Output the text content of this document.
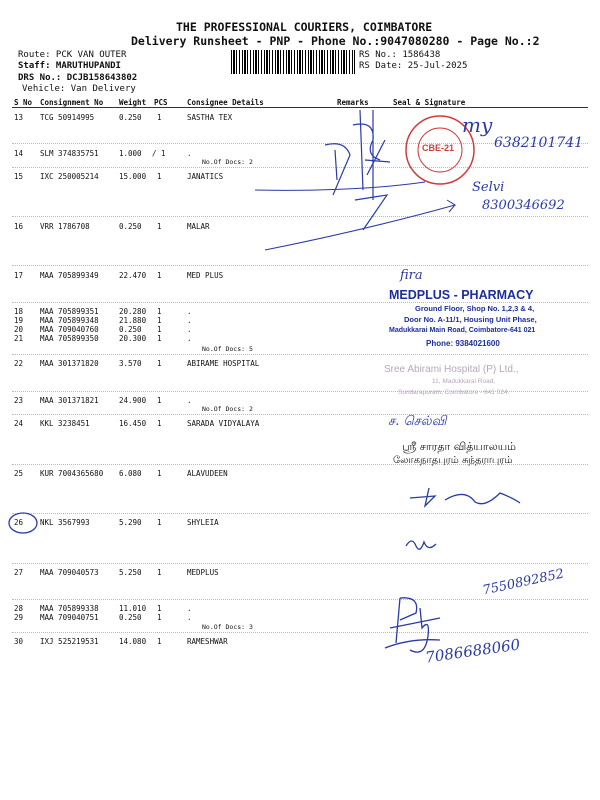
THE PROFESSIONAL COURIERS, COIMBATORE
Delivery Runsheet - PNP - Phone No.:9047080280 - Page No.:2
Route: PCK VAN OUTER
Staff: MARUTHUPANDI
DRS No.: DCJB158643802
Vehicle: Van Delivery
RS No.: 1586438
RS Date: 25-Jul-2025
S No Consignment No Weight PCS	Consignee Details	Remarks	Seal & Signature
13 TCG 50914995	0.250 1	SASTHA TEX
14 SLM 374835751	1.000 / 1	.
No.Of Docs: 2
15 IXC 250005214	15.000 1	JANATICS
16 VRR 1786708	0.250 1	MALAR
17 MAA 705899349	22.470 1	MED PLUS
18 MAA 705899351	20.280 1	.
19 MAA 705899348	21.880 1	.
20 MAA 709040760	0.250 1	.
21 MAA 705899350	20.300 1	.
No.Of Docs: 5
22 MAA 301371820	3.570 1	ABIRAME HOSPITAL
23 MAA 301371821	24.900 1	.
No.Of Docs: 2
24 KKL 3238451	16.450 1	SARADA VIDYALAYA
25 KUR 7004365680 6.080 1	ALAVUDEEN
26 NKL 3567993	5.290 1	SHYLEIA
27 MAA 709040573	5.250 1	MEDPLUS
28 MAA 705899338	11.010 1	.
29 MAA 709040751	0.250 1	.
No.Of Docs: 3
30 IXJ 525219531	14.080 1	RAMESHWAR
CBE-21
my
6382101741
Selvi
8300346692
fira
MEDPLUS - PHARMACY
Ground Floor, Shop No. 1,2,3 & 4,
Door No. A-11/1, Housing Unit Phase,
Madukkarai Main Road, Coimbatore-641 021
Phone: 9384021600
Sree Abirami Hospital (P) Ltd.,
11, Madukkarai Road,
Sundarapuram, Coimbatore - 641 024.
ச. செல்வி
ஸ்ரீ சாரதா வித்யாலயம்
லோகநாதபுரம் சுந்தராபுரம்
7550892852
7086688060
